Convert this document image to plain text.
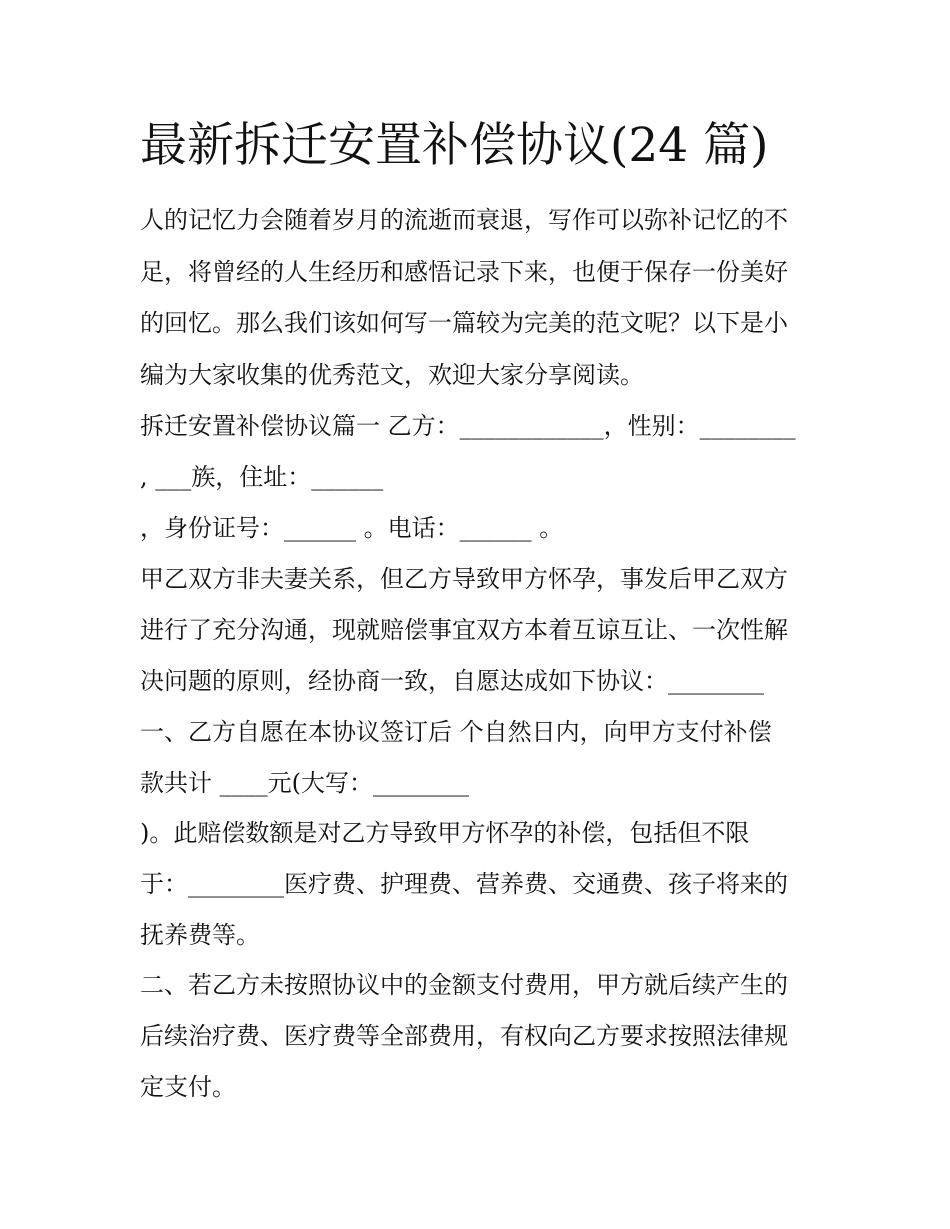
最新拆迁安置补偿协议(24 篇)

人的记忆力会随着岁月的流逝而衰退，写作可以弥补记忆的不

足，将曾经的人生经历和感悟记录下来，也便于保存一份美好

的回忆。那么我们该如何写一篇较为完美的范文呢？以下是小

编为大家收集的优秀范文，欢迎大家分享阅读。

拆迁安置补偿协议篇一 乙方：____________，性别：________

, ___族，住址：______

，身份证号：______ 。电话：______ 。

甲乙双方非夫妻关系，但乙方导致甲方怀孕，事发后甲乙双方

进行了充分沟通，现就赔偿事宜双方本着互谅互让、一次性解

决问题的原则，经协商一致，自愿达成如下协议：________

一、乙方自愿在本协议签订后 个自然日内，向甲方支付补偿

款共计 ____元(大写：________

)。此赔偿数额是对乙方导致甲方怀孕的补偿，包括但不限

于：________医疗费、护理费、营养费、交通费、孩子将来的

抚养费等。

二、若乙方未按照协议中的金额支付费用，甲方就后续产生的

后续治疗费、医疗费等全部费用，有权向乙方要求按照法律规

定支付。
